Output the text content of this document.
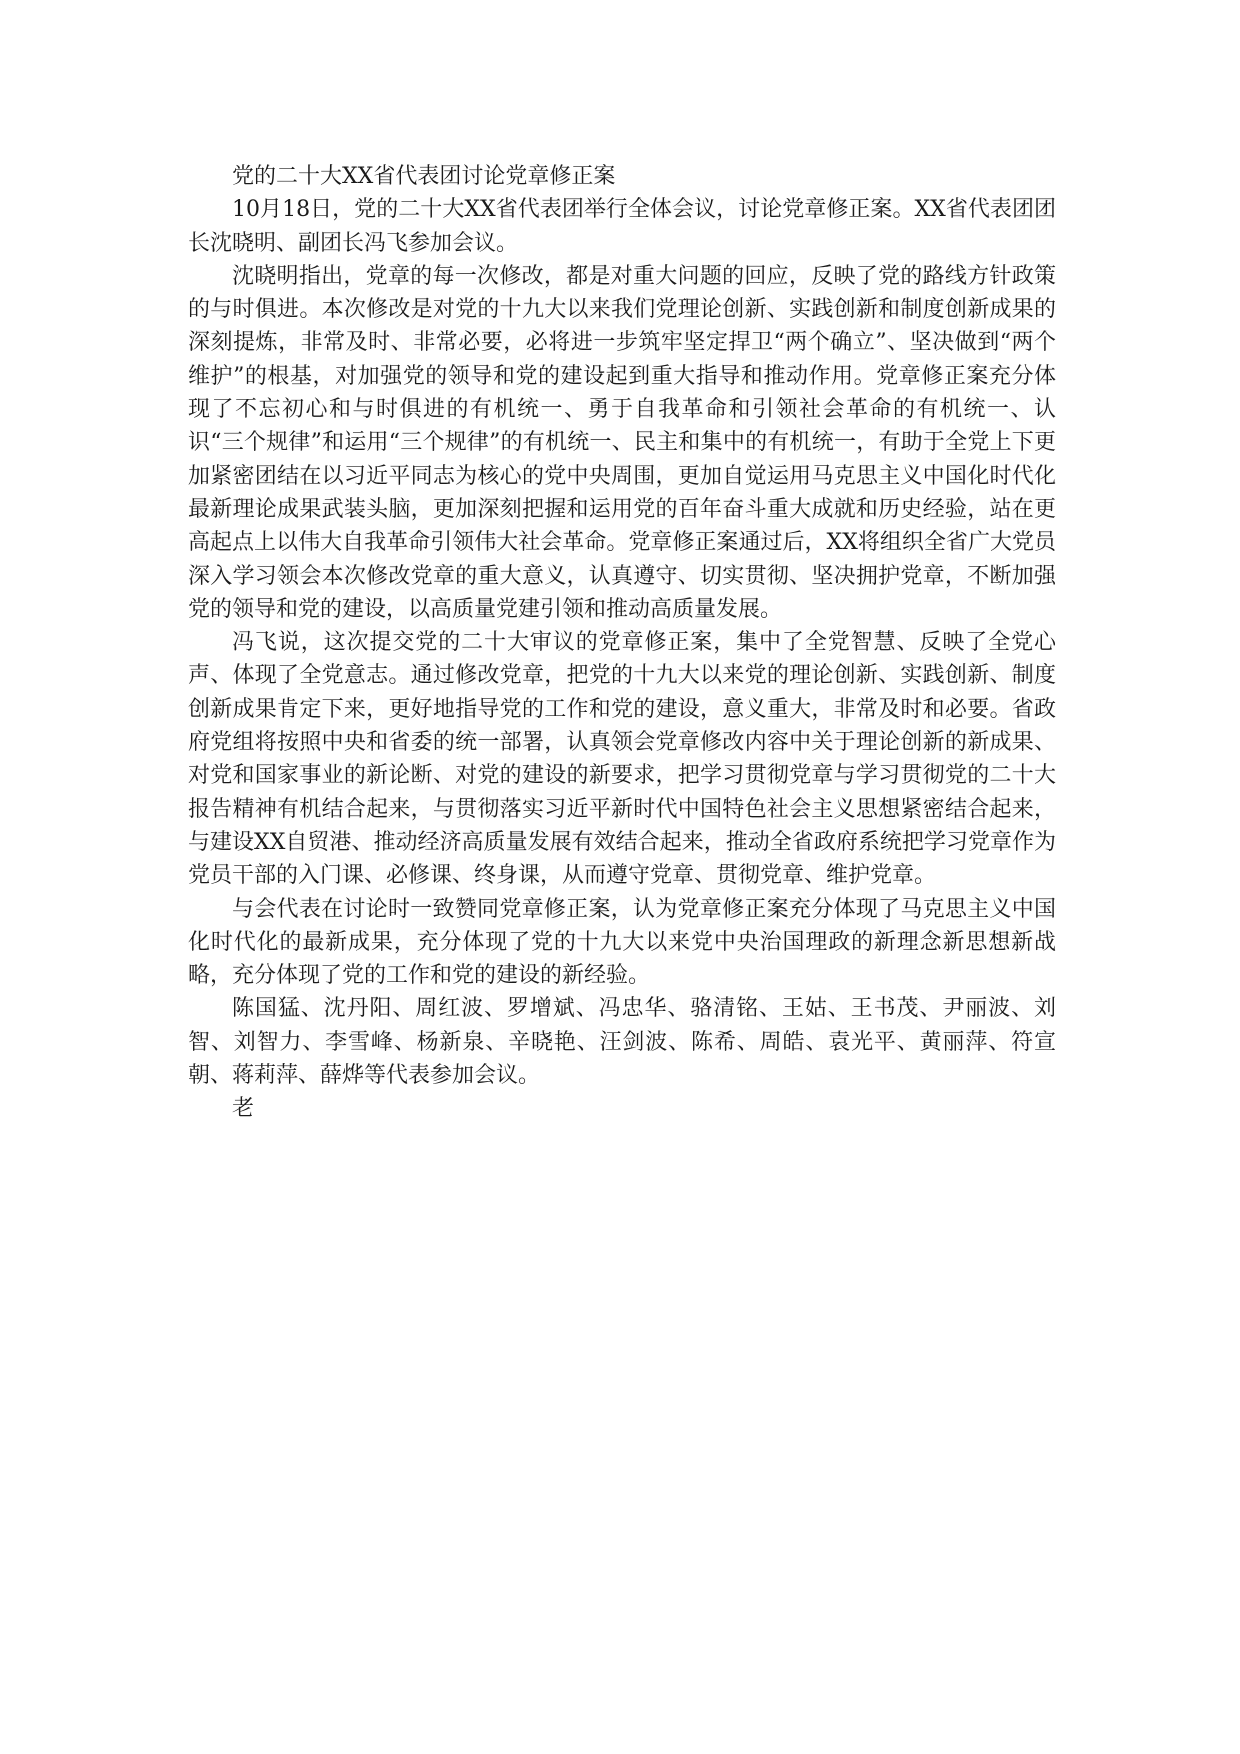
党的二十大XX省代表团讨论党章修正案

10月18日，党的二十大XX省代表团举行全体会议，讨论党章修正案。XX省代表团团长沈晓明、副团长冯飞参加会议。

沈晓明指出，党章的每一次修改，都是对重大问题的回应，反映了党的路线方针政策的与时俱进。本次修改是对党的十九大以来我们党理论创新、实践创新和制度创新成果的深刻提炼，非常及时、非常必要，必将进一步筑牢坚定捍卫“两个确立”、坚决做到“两个维护”的根基，对加强党的领导和党的建设起到重大指导和推动作用。党章修正案充分体现了不忘初心和与时俱进的有机统一、勇于自我革命和引领社会革命的有机统一、认识“三个规律”和运用“三个规律”的有机统一、民主和集中的有机统一，有助于全党上下更加紧密团结在以习近平同志为核心的党中央周围，更加自觉运用马克思主义中国化时代化最新理论成果武装头脑，更加深刻把握和运用党的百年奋斗重大成就和历史经验，站在更高起点上以伟大自我革命引领伟大社会革命。党章修正案通过后，XX将组织全省广大党员深入学习领会本次修改党章的重大意义，认真遵守、切实贯彻、坚决拥护党章，不断加强党的领导和党的建设，以高质量党建引领和推动高质量发展。

冯飞说，这次提交党的二十大审议的党章修正案，集中了全党智慧、反映了全党心声、体现了全党意志。通过修改党章，把党的十九大以来党的理论创新、实践创新、制度创新成果肯定下来，更好地指导党的工作和党的建设，意义重大，非常及时和必要。省政府党组将按照中央和省委的统一部署，认真领会党章修改内容中关于理论创新的新成果、对党和国家事业的新论断、对党的建设的新要求，把学习贯彻党章与学习贯彻党的二十大报告精神有机结合起来，与贯彻落实习近平新时代中国特色社会主义思想紧密结合起来，与建设XX自贸港、推动经济高质量发展有效结合起来，推动全省政府系统把学习党章作为党员干部的入门课、必修课、终身课，从而遵守党章、贯彻党章、维护党章。

与会代表在讨论时一致赞同党章修正案，认为党章修正案充分体现了马克思主义中国化时代化的最新成果，充分体现了党的十九大以来党中央治国理政的新理念新思想新战略，充分体现了党的工作和党的建设的新经验。

陈国猛、沈丹阳、周红波、罗增斌、冯忠华、骆清铭、王姑、王书茂、尹丽波、刘智、刘智力、李雪峰、杨新泉、辛晓艳、汪剑波、陈希、周皓、袁光平、黄丽萍、符宣朝、蒋莉萍、薛烨等代表参加会议。

老
